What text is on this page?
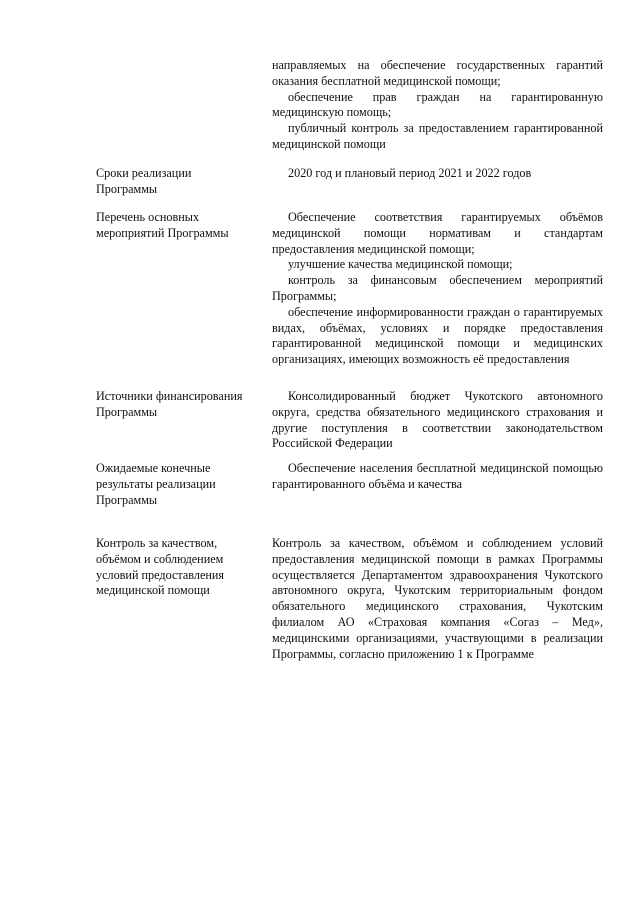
направляемых на обеспечение государственных гарантий оказания бесплатной медицинской помощи;

обеспечение прав граждан на гарантированную медицинскую помощь;

публичный контроль за предоставлением гарантированной медицинской помощи

Сроки реализации
Программы

2020 год и плановый период 2021 и 2022 годов

Перечень основных
мероприятий Программы

Обеспечение соответствия гарантируемых объёмов медицинской помощи нормативам и стандартам предоставления медицинской помощи;

улучшение качества медицинской помощи;

контроль за финансовым обеспечением мероприятий Программы;

обеспечение информированности граждан о гарантируемых видах, объёмах, условиях и порядке предоставления гарантированной медицинской помощи и медицинских организациях, имеющих возможность её предоставления

Источники финансирования
Программы

Консолидированный бюджет Чукотского автономного округа, средства обязательного медицинского страхования и другие поступления в соответствии законодательством Российской Федерации

Ожидаемые конечные
результаты реализации
Программы

Обеспечение населения бесплатной медицинской помощью гарантированного объёма и качества

Контроль за качеством,
объёмом и соблюдением
условий предоставления
медицинской помощи

Контроль за качеством, объёмом и соблюдением условий предоставления медицинской помощи в рамках Программы осуществляется Департаментом здравоохранения Чукотского автономного округа, Чукотским территориальным фондом обязательного медицинского страхования, Чукотским филиалом АО «Страховая компания «Согаз – Мед», медицинскими организациями, участвующими в реализации Программы, согласно приложению 1 к Программе
